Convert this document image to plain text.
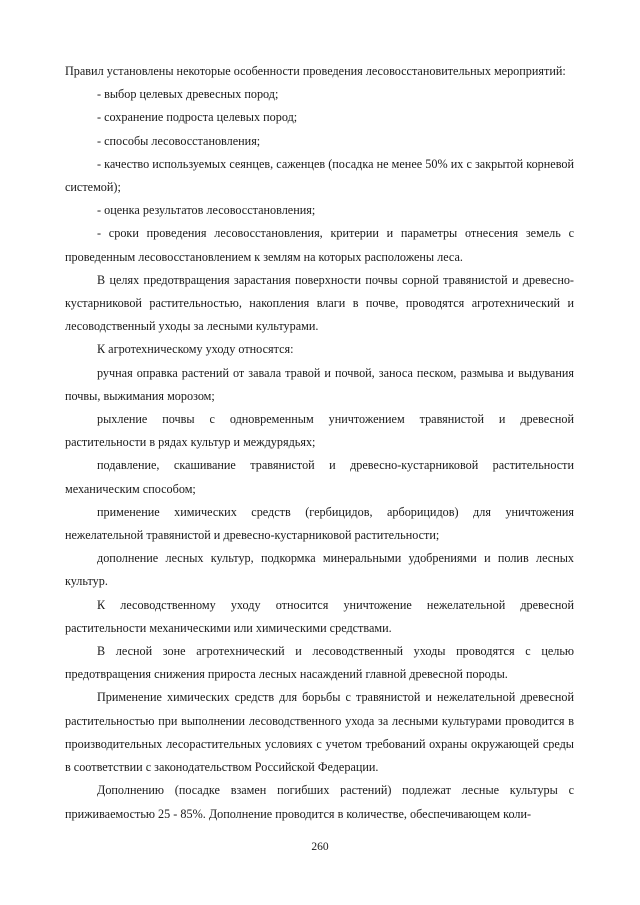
Правил установлены некоторые особенности проведения лесовосстановительных мероприятий:

- выбор целевых древесных пород;

- сохранение подроста целевых пород;

- способы лесовосстановления;

- качество используемых сеянцев, саженцев (посадка не менее 50% их с закрытой корневой системой);

- оценка результатов лесовосстановления;

- сроки проведения лесовосстановления, критерии и параметры отнесения земель с проведенным лесовосстановлением к землям на которых расположены леса.

В целях предотвращения зарастания поверхности почвы сорной травянистой и древесно-кустарниковой растительностью, накопления влаги в почве, проводятся агротехнический и лесоводственный уходы за лесными культурами.

К агротехническому уходу относятся:

ручная оправка растений от завала травой и почвой, заноса песком, размыва и выдувания почвы, выжимания морозом;

рыхление почвы с одновременным уничтожением травянистой и древесной растительности в рядах культур и междурядьях;

подавление, скашивание травянистой и древесно-кустарниковой растительности механическим способом;

применение химических средств (гербицидов, арборицидов) для уничтожения нежелательной травянистой и древесно-кустарниковой растительности;

дополнение лесных культур, подкормка минеральными удобрениями и полив лесных культур.

К лесоводственному уходу относится уничтожение нежелательной древесной растительности механическими или химическими средствами.

В лесной зоне агротехнический и лесоводственный уходы проводятся с целью предотвращения снижения прироста лесных насаждений главной древесной породы.

Применение химических средств для борьбы с травянистой и нежелательной древесной растительностью при выполнении лесоводственного ухода за лесными культурами проводится в производительных лесорастительных условиях с учетом требований охраны окружающей среды в соответствии с законодательством Российской Федерации.

Дополнению (посадке взамен погибших растений) подлежат лесные культуры с приживаемостью 25 - 85%. Дополнение проводится в количестве, обеспечивающем коли-

260
